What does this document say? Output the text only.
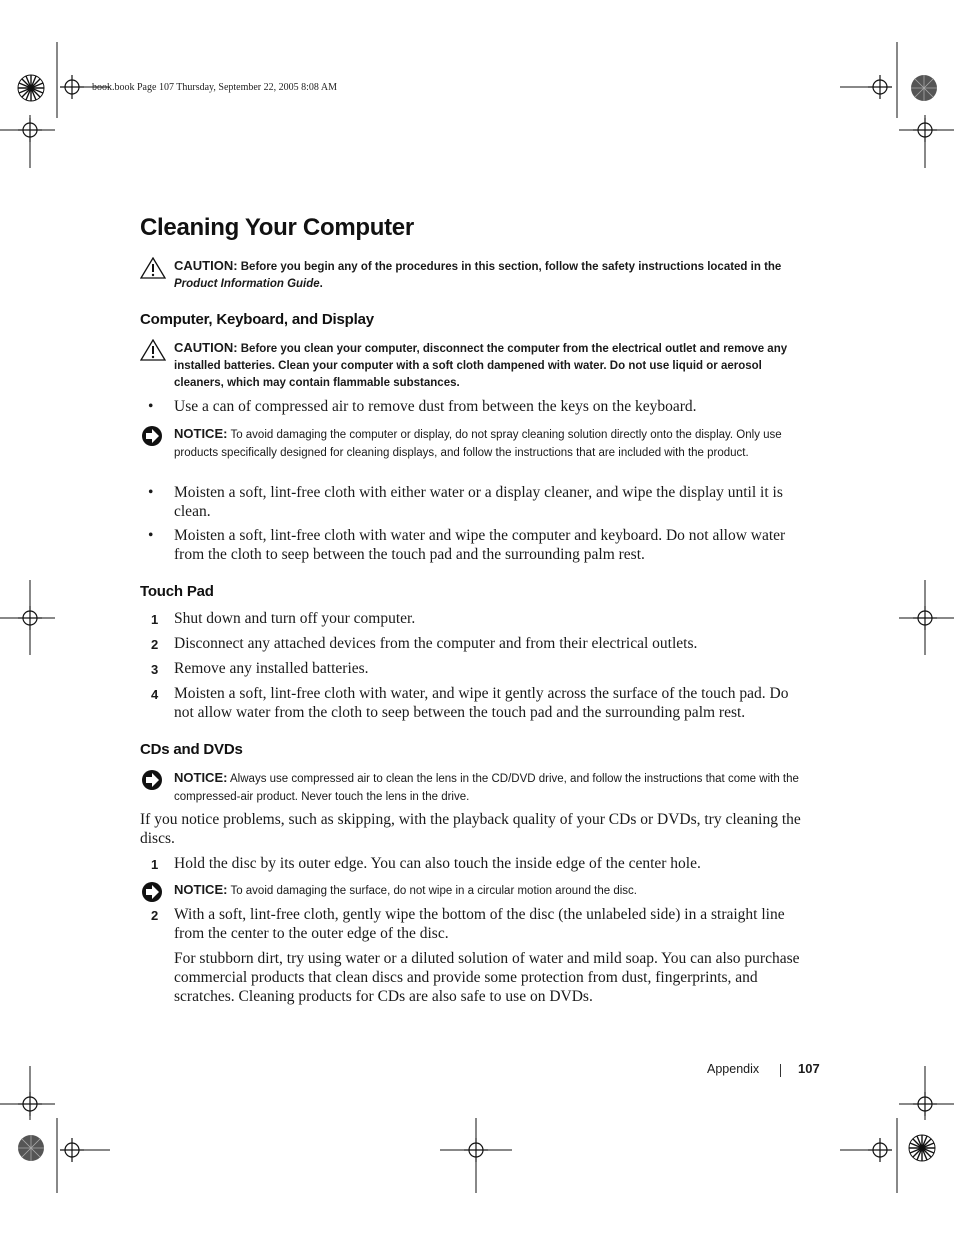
book.book Page 107 Thursday, September 22, 2005 8:08 AM
Cleaning Your Computer
CAUTION: Before you begin any of the procedures in this section, follow the safety instructions located in the Product Information Guide.
Computer, Keyboard, and Display
CAUTION: Before you clean your computer, disconnect the computer from the electrical outlet and remove any installed batteries. Clean your computer with a soft cloth dampened with water. Do not use liquid or aerosol cleaners, which may contain flammable substances.
• Use a can of compressed air to remove dust from between the keys on the keyboard.
NOTICE: To avoid damaging the computer or display, do not spray cleaning solution directly onto the display. Only use products specifically designed for cleaning displays, and follow the instructions that are included with the product.
• Moisten a soft, lint-free cloth with either water or a display cleaner, and wipe the display until it is clean.
• Moisten a soft, lint-free cloth with water and wipe the computer and keyboard. Do not allow water from the cloth to seep between the touch pad and the surrounding palm rest.
Touch Pad
1 Shut down and turn off your computer.
2 Disconnect any attached devices from the computer and from their electrical outlets.
3 Remove any installed batteries.
4 Moisten a soft, lint-free cloth with water, and wipe it gently across the surface of the touch pad. Do not allow water from the cloth to seep between the touch pad and the surrounding palm rest.
CDs and DVDs
NOTICE: Always use compressed air to clean the lens in the CD/DVD drive, and follow the instructions that come with the compressed-air product. Never touch the lens in the drive.
If you notice problems, such as skipping, with the playback quality of your CDs or DVDs, try cleaning the discs.
1 Hold the disc by its outer edge. You can also touch the inside edge of the center hole.
NOTICE: To avoid damaging the surface, do not wipe in a circular motion around the disc.
2 With a soft, lint-free cloth, gently wipe the bottom of the disc (the unlabeled side) in a straight line from the center to the outer edge of the disc.
For stubborn dirt, try using water or a diluted solution of water and mild soap. You can also purchase commercial products that clean discs and provide some protection from dust, fingerprints, and scratches. Cleaning products for CDs are also safe to use on DVDs.
Appendix	107
